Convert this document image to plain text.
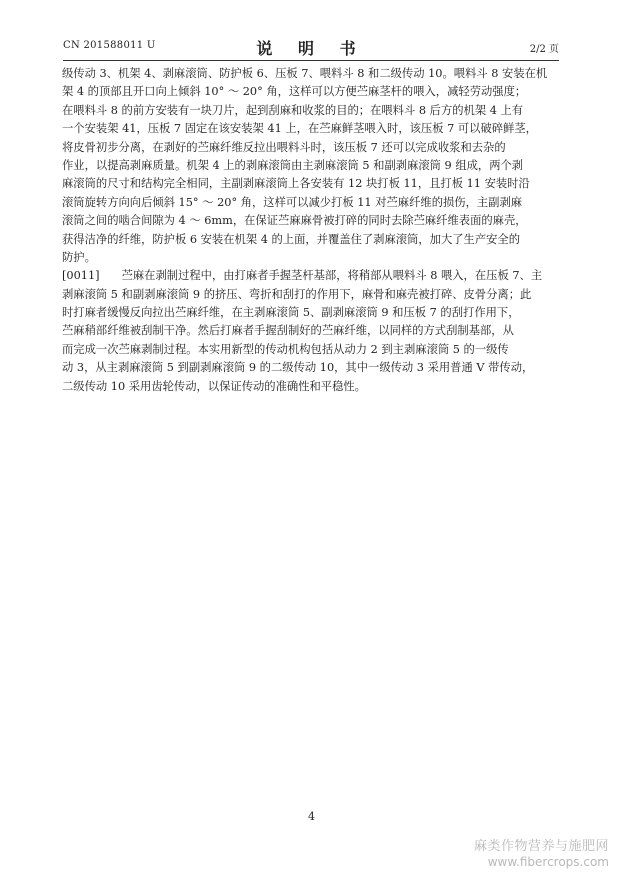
CN 201588011 U	说 明 书	2/2 页
级传动 3、机架 4、剥麻滚筒、防护板 6、压板 7、喂料斗 8 和二级传动 10。喂料斗 8 安装在机
架 4 的顶部且开口向上倾斜 10° ～ 20° 角，这样可以方便苎麻茎杆的喂入，减轻劳动强度；
在喂料斗 8 的前方安装有一块刀片，起到刮麻和收浆的目的；在喂料斗 8 后方的机架 4 上有
一个安装架 41，压板 7 固定在该安装架 41 上，在苎麻鲜茎喂入时，该压板 7 可以破碎鲜茎，
将皮骨初步分离，在剥好的苎麻纤维反拉出喂料斗时，该压板 7 还可以完成收浆和去杂的
作业，以提高剥麻质量。机架 4 上的剥麻滚筒由主剥麻滚筒 5 和副剥麻滚筒 9 组成，两个剥
麻滚筒的尺寸和结构完全相同，主副剥麻滚筒上各安装有 12 块打板 11，且打板 11 安装时沿
滚筒旋转方向向后倾斜 15° ～ 20° 角，这样可以减少打板 11 对苎麻纤维的损伤，主副剥麻
滚筒之间的啮合间隙为 4 ～ 6mm，在保证苎麻麻骨被打碎的同时去除苎麻纤维表面的麻壳，
获得洁净的纤维，防护板 6 安装在机架 4 的上面，并覆盖住了剥麻滚筒，加大了生产安全的
防护。
[0011] 苎麻在剥制过程中，由打麻者手握茎杆基部，将稍部从喂料斗 8 喂入，在压板 7、主
剥麻滚筒 5 和副剥麻滚筒 9 的挤压、弯折和刮打的作用下，麻骨和麻壳被打碎、皮骨分离；此
时打麻者缓慢反向拉出苎麻纤维，在主剥麻滚筒 5、副剥麻滚筒 9 和压板 7 的刮打作用下，
苎麻稍部纤维被刮制干净。然后打麻者手握刮制好的苎麻纤维，以同样的方式刮制基部，从
而完成一次苎麻剥制过程。本实用新型的传动机构包括从动力 2 到主剥麻滚筒 5 的一级传
动 3，从主剥麻滚筒 5 到副剥麻滚筒 9 的二级传动 10，其中一级传动 3 采用普通 V 带传动，
二级传动 10 采用齿轮传动，以保证传动的准确性和平稳性。
4
麻类作物营养与施肥网
www.fibercrops.com
